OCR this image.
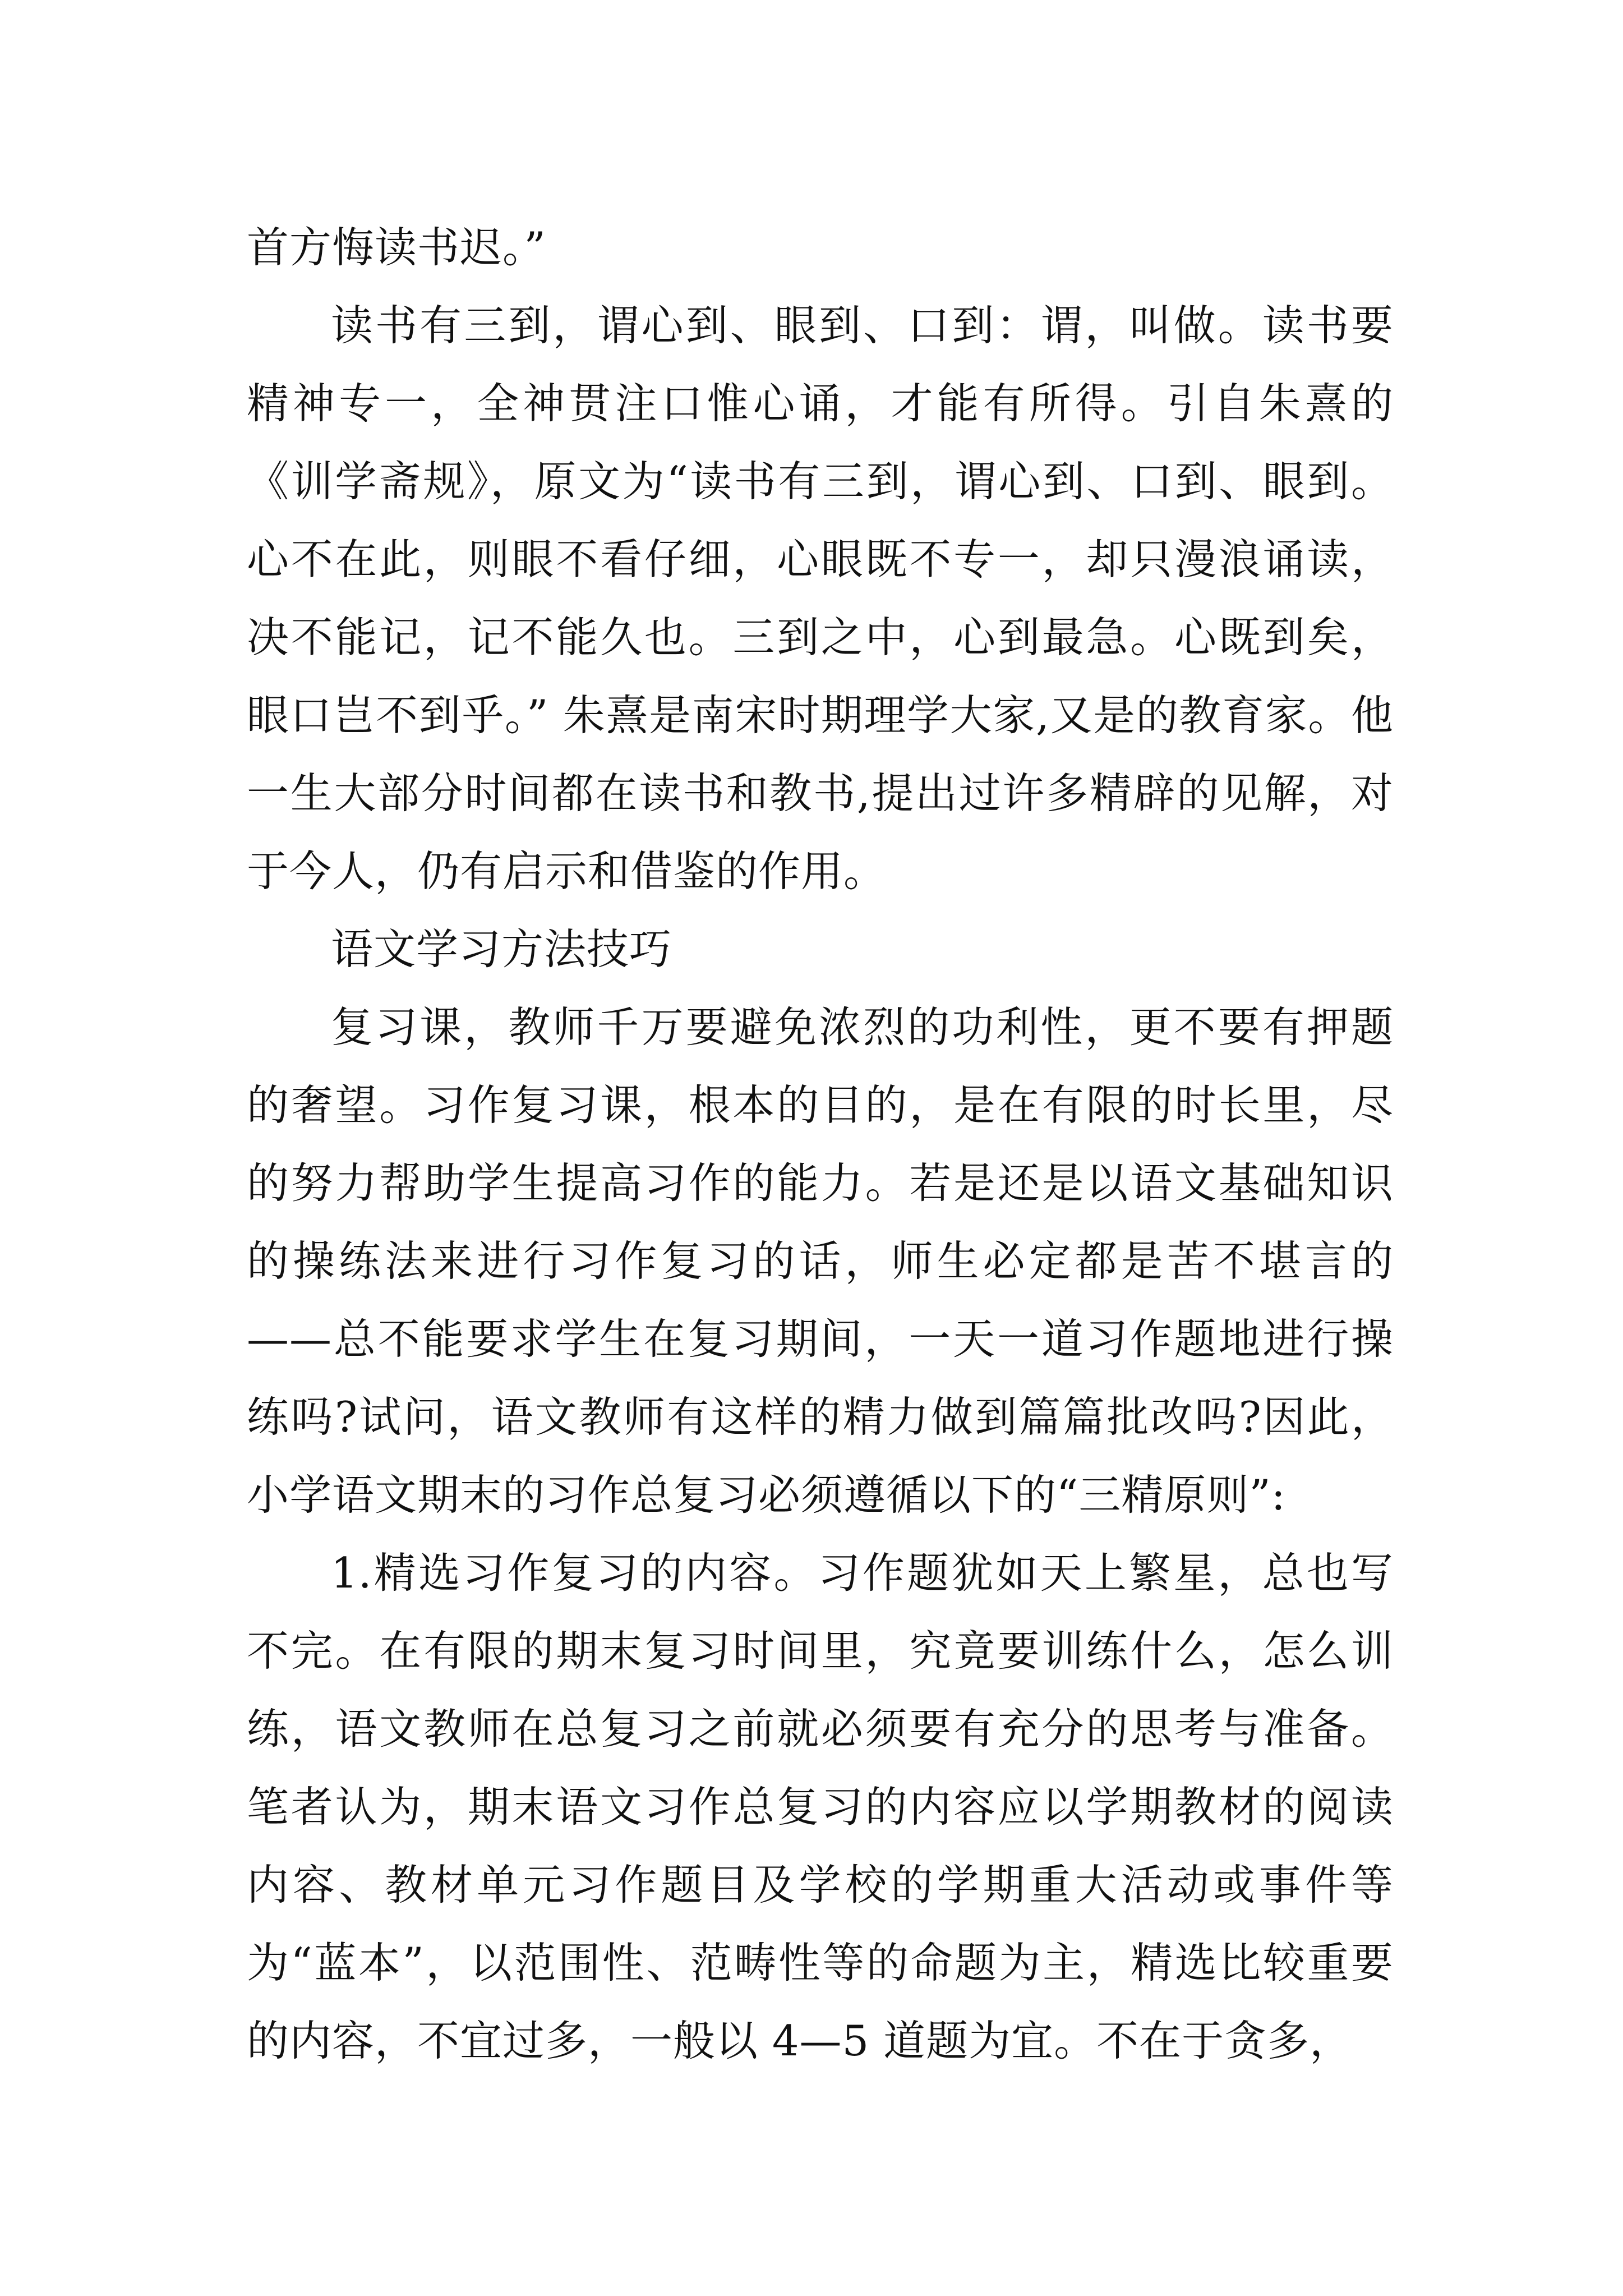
首方悔读书迟。”

读书有三到，谓心到、眼到、口到：谓，叫做。读书要精神专一，全神贯注口惟心诵，才能有所得。引自朱熹的《训学斋规》，原文为“读书有三到，谓心到、口到、眼到。心不在此，则眼不看仔细，心眼既不专一，却只漫浪诵读，决不能记，记不能久也。三到之中，心到最急。心既到矣，眼口岂不到乎。” 朱熹是南宋时期理学大家,又是的教育家。他一生大部分时间都在读书和教书,提出过许多精辟的见解，对于今人，仍有启示和借鉴的作用。

语文学习方法技巧

复习课，教师千万要避免浓烈的功利性，更不要有押题的奢望。习作复习课，根本的目的，是在有限的时长里，尽的努力帮助学生提高习作的能力。若是还是以语文基础知识的操练法来进行习作复习的话，师生必定都是苦不堪言的——总不能要求学生在复习期间，一天一道习作题地进行操练吗?试问，语文教师有这样的精力做到篇篇批改吗?因此，小学语文期末的习作总复习必须遵循以下的“三精原则”:

1.精选习作复习的内容。习作题犹如天上繁星，总也写不完。在有限的期末复习时间里，究竟要训练什么，怎么训练，语文教师在总复习之前就必须要有充分的思考与准备。笔者认为，期末语文习作总复习的内容应以学期教材的阅读内容、教材单元习作题目及学校的学期重大活动或事件等为“蓝本”，以范围性、范畴性等的命题为主，精选比较重要的内容，不宜过多，一般以 4—5 道题为宜。不在于贪多，
